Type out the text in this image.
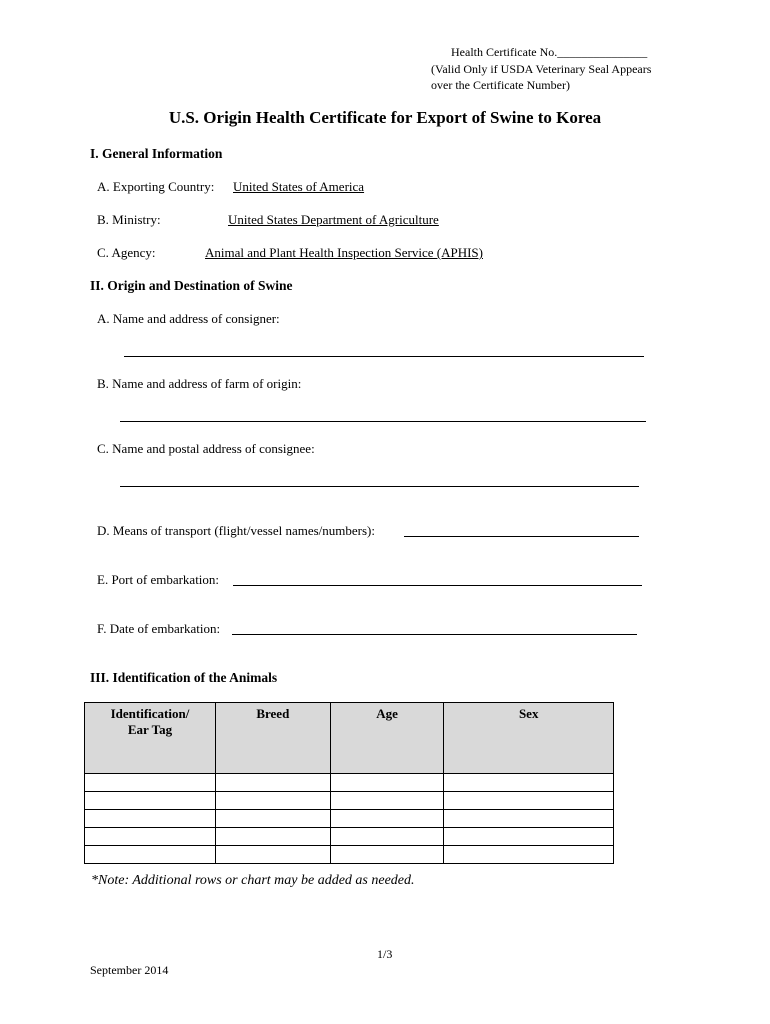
Health Certificate No._______________
(Valid Only if USDA Veterinary Seal Appears
over the Certificate Number)
U.S. Origin Health Certificate for Export of Swine to Korea
I. General Information
A. Exporting Country: United States of America
B. Ministry:	United States Department of Agriculture
C. Agency:	Animal and Plant Health Inspection Service (APHIS)
II. Origin and Destination of Swine
A. Name and address of consigner:
B. Name and address of farm of origin:
C. Name and postal address of consignee:
D. Means of transport (flight/vessel names/numbers):
E. Port of embarkation:
F. Date of embarkation:
III. Identification of the Animals
Identification/ Ear Tag	Breed	Age	Sex

*Note: Additional rows or chart may be added as needed.
1/3
September 2014
